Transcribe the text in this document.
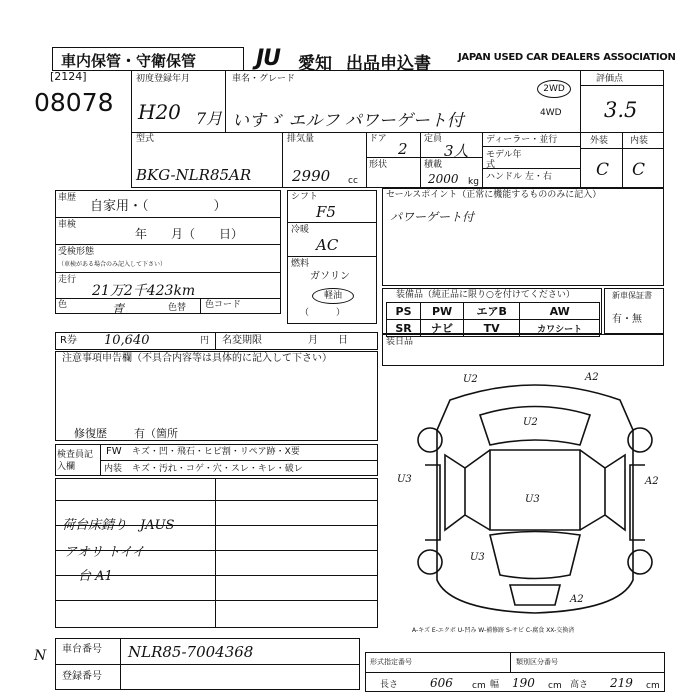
車内保管・守衛保管	JU 愛知 出品申込書	JAPAN USED CAR DEALERS ASSOCIATION
[2124]
08078
初度登録年月
H20 7月
車名・グレード
いすゞ エルフ パワーゲート付
2WD
4WD
評価点
3.5
型式
BKG-NLR85AR
排気量
2990 cc
ドア
2
形状
定員
3人
積載
2000 kg
ディーラー・並行
モデル年式
ハンドル 左・右
外装 内装
C C
車歴
自家用・（　　　　　）
車検
年　　月（　　日）
受検形態
（車検がある場合のみ記入して下さい）
走行
21万2千423km
色	青	色替 色コード
シフト
F5
冷暖
AC
燃料
ガソリン
軽油
（　　　）
セールスポイント（正常に機能するもののみに記入）
パワーゲート付
装備品（純正品に限り○を付けてください）
PS	PW	エアB	AW
SR	ナビ	TV	カワシート
新車保証書
有・無
装日品
R券 10,640	円 名変期限	月　　日
注意事項申告欄（不具合内容等は具体的に記入して下さい）
修復歴 有（箇所
検査員記入欄
FW キズ・凹・飛石・ヒビ割・リペア跡・X要
内装 キズ・汚れ・コゲ・穴・スレ・キレ・破レ
荷台床錆り　JAUS
アオリ トイイ
台 A1
U2	A2
U2
U3
U3
A2
U3
A2
A-キズ E-エクボ U-凹み W-補修跡 S-サビ C-腐食 XX-交換済
N 車台番号 NLR85-7004368
登録番号
形式指定番号	類別区分番号
長さ	606 cm 幅 190 cm 高さ 219 cm
